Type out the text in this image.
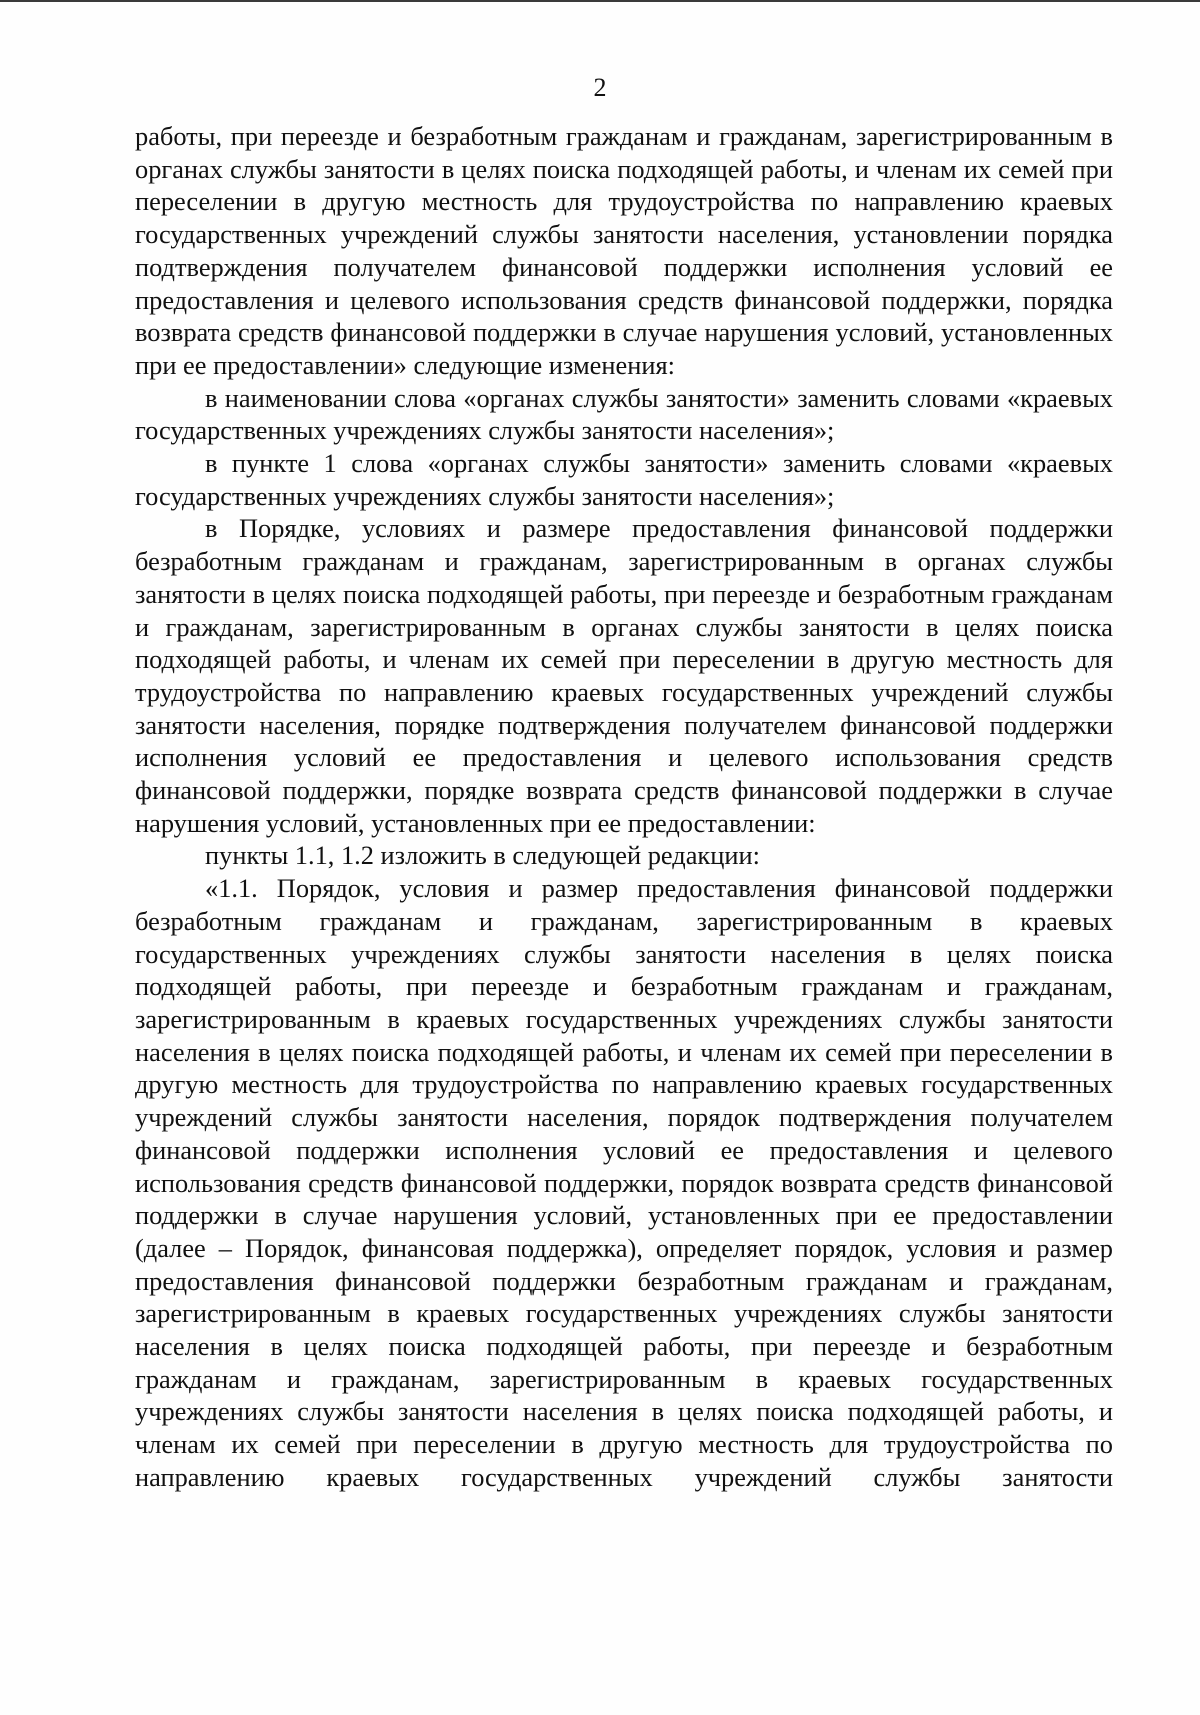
2

работы, при переезде и безработным гражданам и гражданам, зарегистрированным в органах службы занятости в целях поиска подходящей работы, и членам их семей при переселении в другую местность для трудоустройства по направлению краевых государственных учреждений службы занятости населения, установлении порядка подтверждения получателем финансовой поддержки исполнения условий ее предоставления и целевого использования средств финансовой поддержки, порядка возврата средств финансовой поддержки в случае нарушения условий, установленных при ее предоставлении» следующие изменения:

в наименовании слова «органах службы занятости» заменить словами «краевых государственных учреждениях службы занятости населения»;

в пункте 1 слова «органах службы занятости» заменить словами «краевых государственных учреждениях службы занятости населения»;

в Порядке, условиях и размере предоставления финансовой поддержки безработным гражданам и гражданам, зарегистрированным в органах службы занятости в целях поиска подходящей работы, при переезде и безработным гражданам и гражданам, зарегистрированным в органах службы занятости в целях поиска подходящей работы, и членам их семей при переселении в другую местность для трудоустройства по направлению краевых государственных учреждений службы занятости населения, порядке подтверждения получателем финансовой поддержки исполнения условий ее предоставления и целевого использования средств финансовой поддержки, порядке возврата средств финансовой поддержки в случае нарушения условий, установленных при ее предоставлении:

пункты 1.1, 1.2 изложить в следующей редакции:

«1.1. Порядок, условия и размер предоставления финансовой поддержки безработным гражданам и гражданам, зарегистрированным в краевых государственных учреждениях службы занятости населения в целях поиска подходящей работы, при переезде и безработным гражданам и гражданам, зарегистрированным в краевых государственных учреждениях службы занятости населения в целях поиска подходящей работы, и членам их семей при переселении в другую местность для трудоустройства по направлению краевых государственных учреждений службы занятости населения, порядок подтверждения получателем финансовой поддержки исполнения условий ее предоставления и целевого использования средств финансовой поддержки, порядок возврата средств финансовой поддержки в случае нарушения условий, установленных при ее предоставлении (далее – Порядок, финансовая поддержка), определяет порядок, условия и размер предоставления финансовой поддержки безработным гражданам и гражданам, зарегистрированным в краевых государственных учреждениях службы занятости населения в целях поиска подходящей работы, при переезде и безработным гражданам и гражданам, зарегистрированным в краевых государственных учреждениях службы занятости населения в целях поиска подходящей работы, и членам их семей при переселении в другую местность для трудоустройства по направлению краевых государственных учреждений службы занятости
